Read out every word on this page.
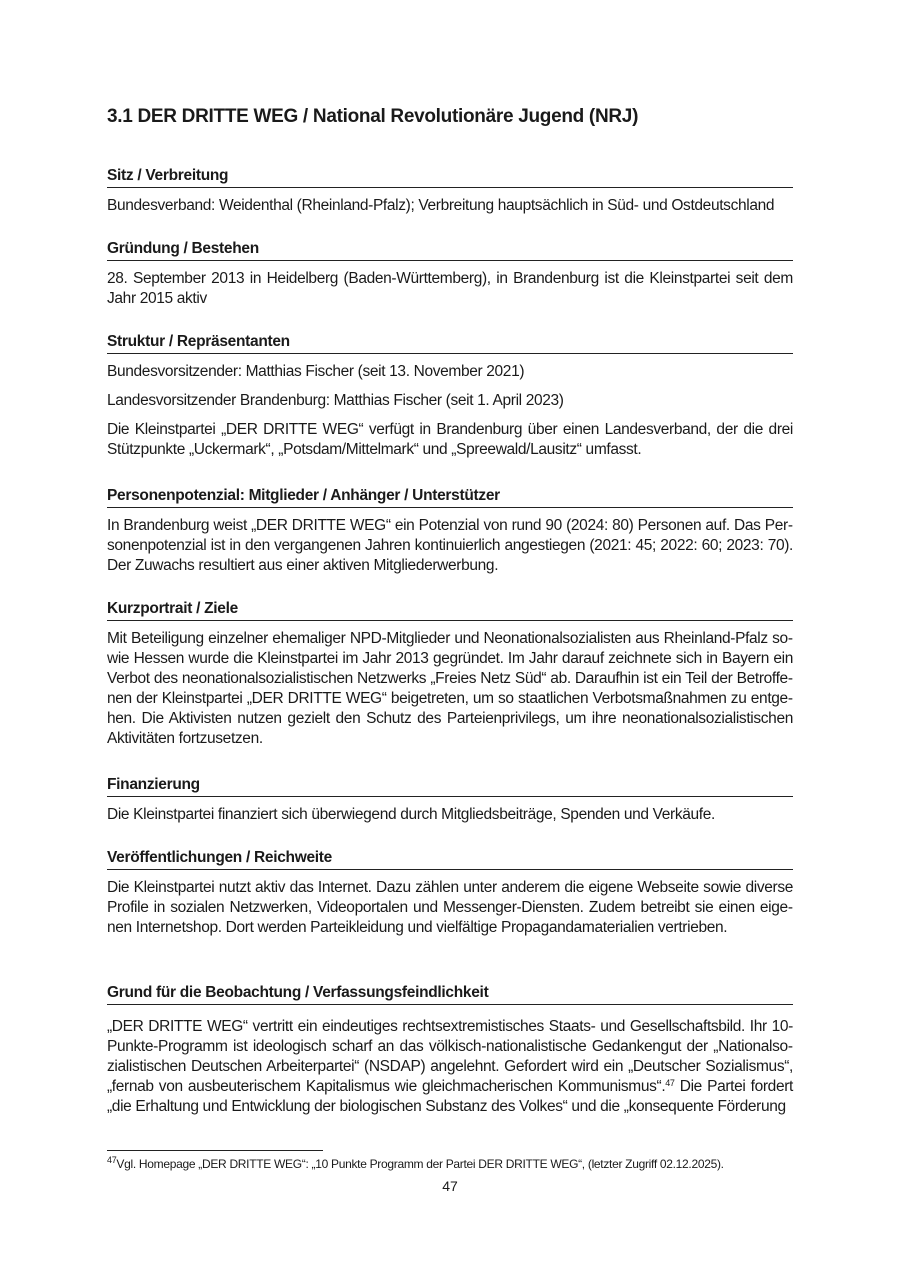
3.1 DER DRITTE WEG / National Revolutionäre Jugend (NRJ)
Sitz / Verbreitung

Bundesverband: Weidenthal (Rheinland-Pfalz); Verbreitung hauptsächlich in Süd- und Ostdeutschland

Gründung / Bestehen

28. September 2013 in Heidelberg (Baden-Württemberg), in Brandenburg ist die Kleinstpartei seit dem Jahr 2015 aktiv

Struktur / Repräsentanten

Bundesvorsitzender: Matthias Fischer (seit 13. November 2021)

Landesvorsitzender Brandenburg: Matthias Fischer (seit 1. April 2023)

Die Kleinstpartei „DER DRITTE WEG“ verfügt in Brandenburg über einen Landesverband, der die drei Stützpunkte „Uckermark“, „Potsdam/Mittelmark“ und „Spreewald/Lausitz“ umfasst.

Personenpotenzial: Mitglieder / Anhänger / Unterstützer

In Brandenburg weist „DER DRITTE WEG“ ein Potenzial von rund 90 (2024: 80) Personen auf. Das Personenpotenzial ist in den vergangenen Jahren kontinuierlich angestiegen (2021: 45; 2022: 60; 2023: 70). Der Zuwachs resultiert aus einer aktiven Mitgliederwerbung.

Kurzportrait / Ziele

Mit Beteiligung einzelner ehemaliger NPD-Mitglieder und Neonationalsozialisten aus Rheinland-Pfalz sowie Hessen wurde die Kleinstpartei im Jahr 2013 gegründet. Im Jahr darauf zeichnete sich in Bayern ein Verbot des neonationalsozialistischen Netzwerks „Freies Netz Süd“ ab. Daraufhin ist ein Teil der Betroffenen der Kleinstpartei „DER DRITTE WEG“ beigetreten, um so staatlichen Verbotsmaßnahmen zu entgehen. Die Aktivisten nutzen gezielt den Schutz des Parteienprivilegs, um ihre neonationalsozialistischen Aktivitäten fortzusetzen.

Finanzierung

Die Kleinstpartei finanziert sich überwiegend durch Mitgliedsbeiträge, Spenden und Verkäufe.

Veröffentlichungen / Reichweite

Die Kleinstpartei nutzt aktiv das Internet. Dazu zählen unter anderem die eigene Webseite sowie diverse Profile in sozialen Netzwerken, Videoportalen und Messenger-Diensten. Zudem betreibt sie einen eigenen Internetshop. Dort werden Parteikleidung und vielfältige Propagandamaterialien vertrieben.

Grund für die Beobachtung / Verfassungsfeindlichkeit

„DER DRITTE WEG“ vertritt ein eindeutiges rechtsextremistisches Staats- und Gesellschaftsbild. Ihr 10-Punkte-Programm ist ideologisch scharf an das völkisch-nationalistische Gedankengut der „Nationalsozialistischen Deutschen Arbeiterpartei“ (NSDAP) angelehnt. Gefordert wird ein „Deutscher Sozialismus“, „fernab von ausbeuterischem Kapitalismus wie gleichmacherischen Kommunismus“.$^{47}$ Die Partei fordert „die Erhaltung und Entwicklung der biologischen Substanz des Volkes“ und die „konsequente Förderung

$^{47}$Vgl. Homepage „DER DRITTE WEG“: „10 Punkte Programm der Partei DER DRITTE WEG“, (letzter Zugriff 02.12.2025).
47
